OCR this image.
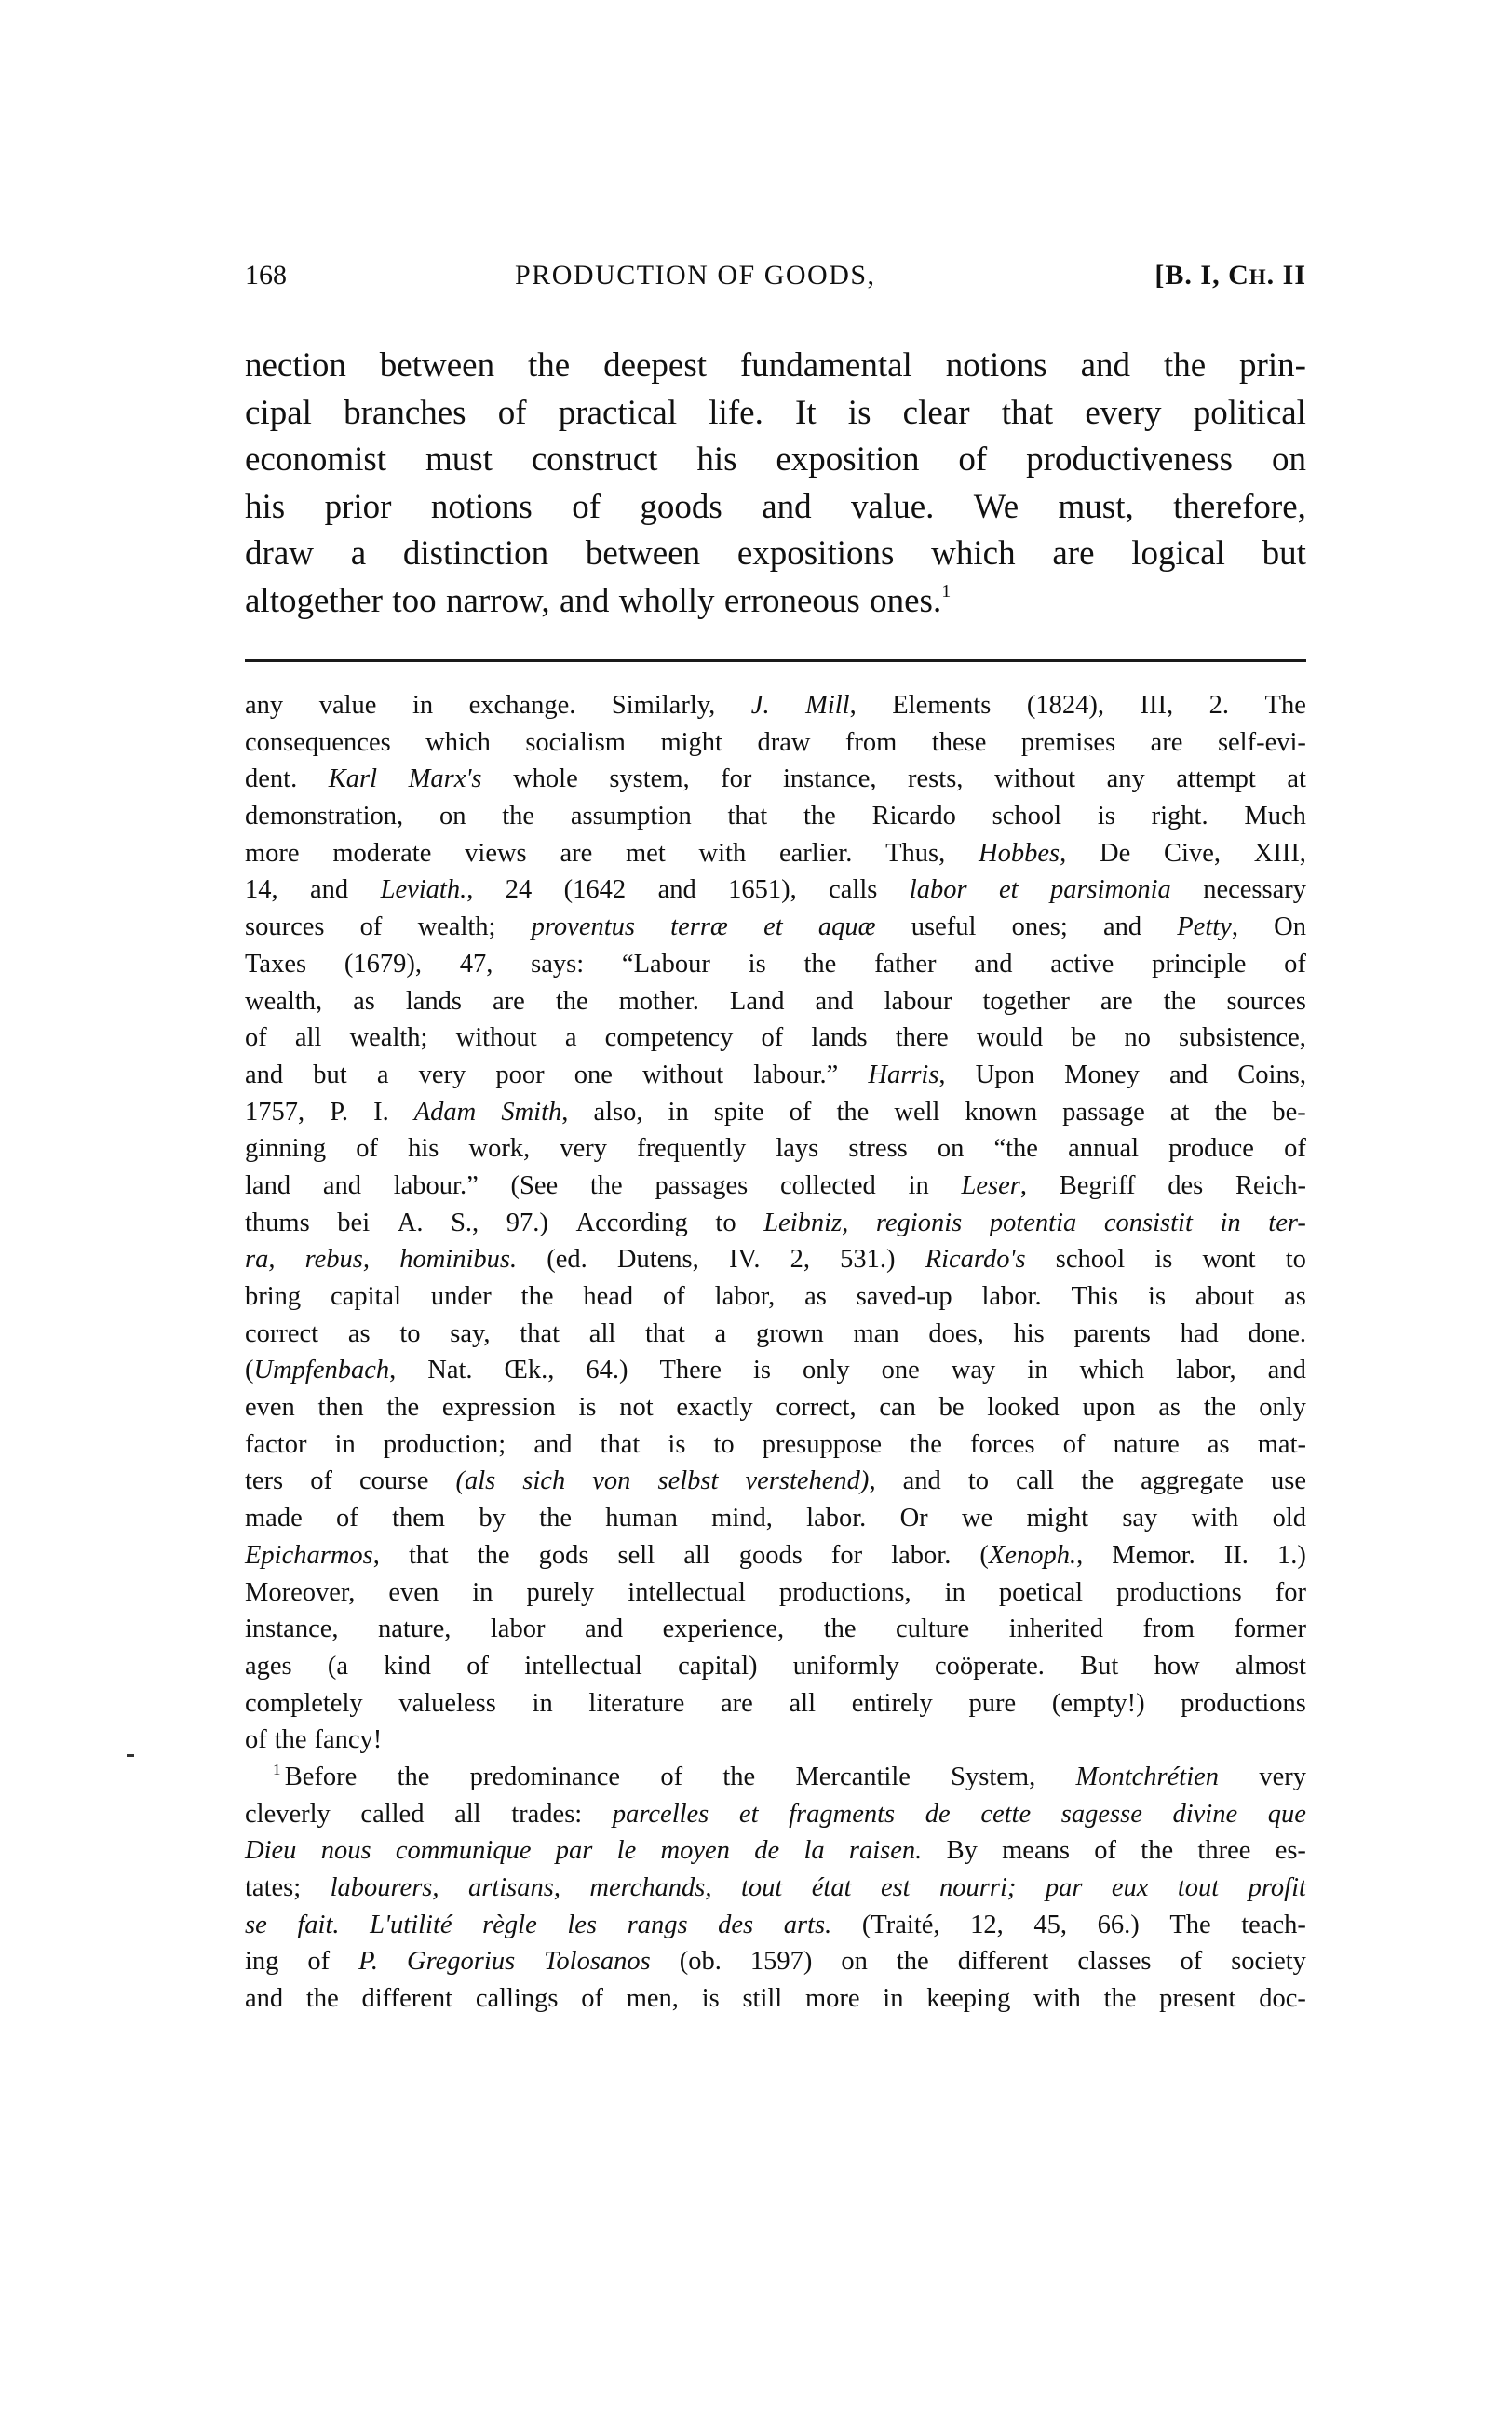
168	PRODUCTION OF GOODS,	[B. I, CH. II
nection between the deepest fundamental notions and the prin-
cipal branches of practical life. It is clear that every political
economist must construct his exposition of productiveness on
his prior notions of goods and value. We must, therefore,
draw a distinction between expositions which are logical but
altogether too narrow, and wholly erroneous ones.$^1$
any value in exchange. Similarly, J. Mill, Elements (1824), III, 2. The
consequences which socialism might draw from these premises are self-evi-
dent. Karl Marx's whole system, for instance, rests, without any attempt at
demonstration, on the assumption that the Ricardo school is right. Much
more moderate views are met with earlier. Thus, Hobbes, De Cive, XIII,
14, and Leviath., 24 (1642 and 1651), calls labor et parsimonia necessary
sources of wealth; proventus terræ et aquæ useful ones; and Petty, On
Taxes (1679), 47, says: “Labour is the father and active principle of
wealth, as lands are the mother. Land and labour together are the sources
of all wealth; without a competency of lands there would be no subsistence,
and but a very poor one without labour.” Harris, Upon Money and Coins,
1757, P. I. Adam Smith, also, in spite of the well known passage at the be-
ginning of his work, very frequently lays stress on “the annual produce of
land and labour.” (See the passages collected in Leser, Begriff des Reich-
thums bei A. S., 97.) According to Leibniz, regionis potentia consistit in ter-
ra, rebus, hominibus. (ed. Dutens, IV. 2, 531.) Ricardo's school is wont to
bring capital under the head of labor, as saved-up labor. This is about as
correct as to say, that all that a grown man does, his parents had done.
(Umpfenbach, Nat. Œk., 64.) There is only one way in which labor, and
even then the expression is not exactly correct, can be looked upon as the only
factor in production; and that is to presuppose the forces of nature as mat-
ters of course (als sich von selbst verstehend), and to call the aggregate use
made of them by the human mind, labor. Or we might say with old
Epicharmos, that the gods sell all goods for labor. (Xenoph., Memor. II. 1.)
Moreover, even in purely intellectual productions, in poetical productions for
instance, nature, labor and experience, the culture inherited from former
ages (a kind of intellectual capital) uniformly coöperate. But how almost
completely valueless in literature are all entirely pure (empty!) productions
of the fancy!
$^1$ Before the predominance of the Mercantile System, Montchrétien very
cleverly called all trades: parcelles et fragments de cette sagesse divine que
Dieu nous communique par le moyen de la raisen. By means of the three es-
tates; labourers, artisans, merchands, tout état est nourri; par eux tout profit
se fait. L'utilité règle les rangs des arts. (Traité, 12, 45, 66.) The teach-
ing of P. Gregorius Tolosanos (ob. 1597) on the different classes of society
and the different callings of men, is still more in keeping with the present doc-
